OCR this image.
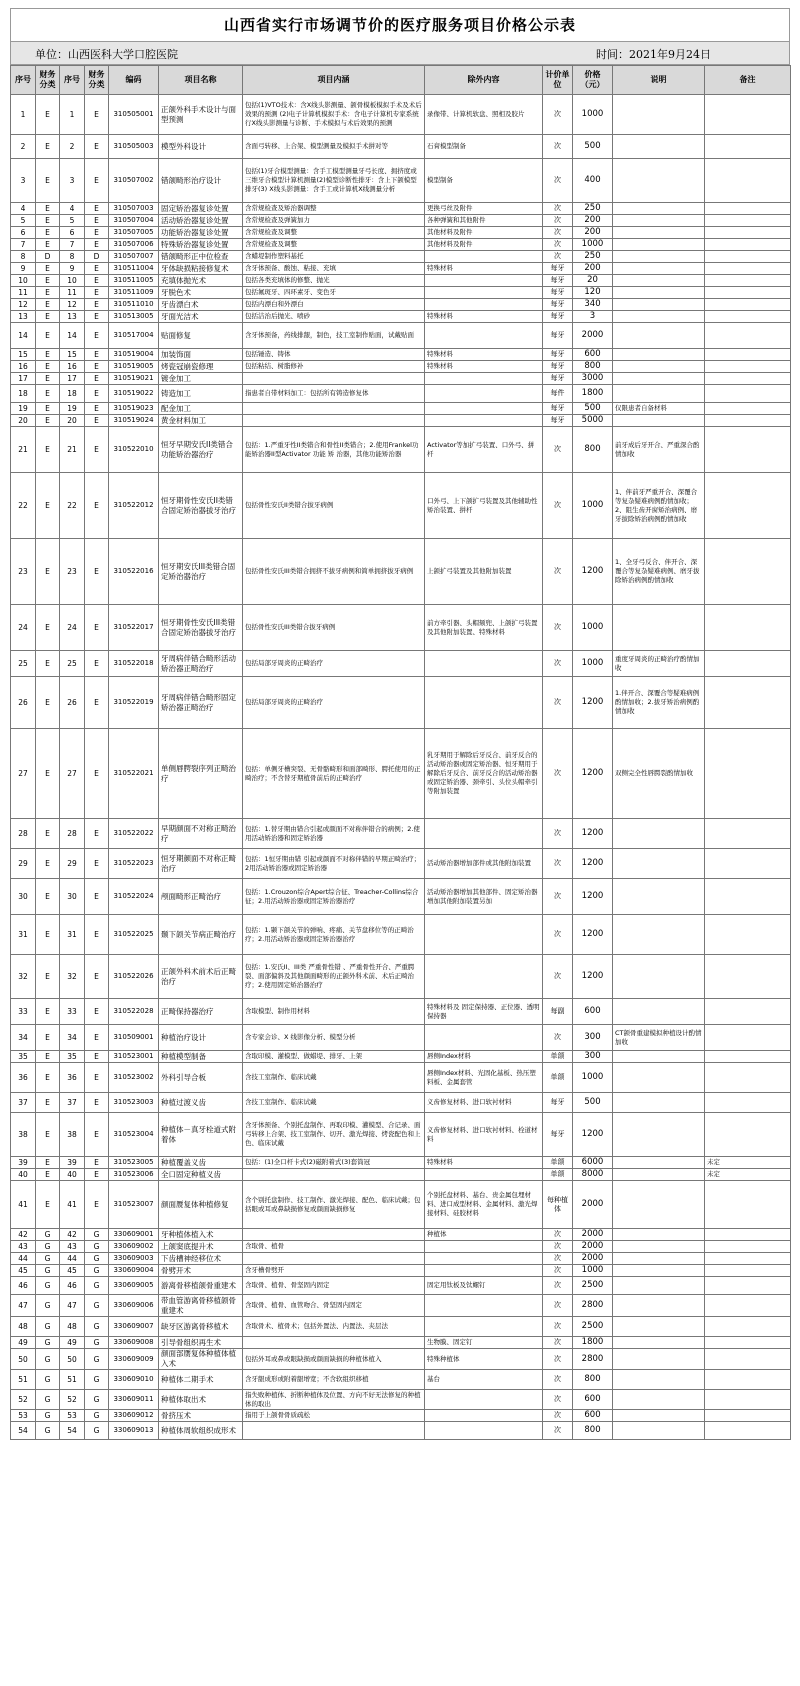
山西省实行市场调节价的医疗服务项目价格公示表
单位：山西医科大学口腔医院	时间：2021年9月24日
序号	财务分类	序号	财务分类	编码	项目名称	项目内涵	除外内容	计价单位	价格（元）	说明	备注
1	E	1	E	310505001	正颌外科手术设计与面型预测	包括(1)VTO技术：含X线头影测量、颌骨模板模拟手术及术后效果的预测 (2)电子计算机模拟手术：含电子计算机专家系统行X线头影测量与诊断、手术模拟与术后效果的预测	录像带、计算机软盘、照相及胶片	次	1000		
2	E	2	E	310505003	模型外科设计	含面弓转移、上合架、模型测量及模拟手术拼对等	石膏模型制备	次	500		
3	E	3	E	310507002	错颌畸形治疗设计	包括(1)牙合模型测量：含手工模型测量牙弓长度、拥挤度或三维牙合模型计算机测量(2)模型诊断性排牙：含上下颌模型排牙(3) X线头影测量：含手工或计算机X线测量分析	模型制备	次	400		
4	E	4	E	310507003	固定矫治器复诊处置	含常规检查及矫治器调整	更换弓丝及附件	次	250		
5	E	5	E	310507004	活动矫治器复诊处置	含常规检查及弹簧加力	各种弹簧和其他附件	次	200		
6	E	6	E	310507005	功能矫治器复诊处置	含常规检查及调整	其他材料及附件	次	200		
7	E	7	E	310507006	特殊矫治器复诊处置	含常规检查及调整	其他材料及附件	次	1000		
8	D	8	D	310507007	错颌畸形正中位检查	含蜡堤制作塑料基托		次	250		
9	E	9	E	310511004	牙体缺损粘接修复术	含牙体预备、酸蚀、粘接、充填	特殊材料	每牙	200		
10	E	10	E	310511005	充填体抛光术	包括各类充填体的修整、抛光		每牙	20		
11	E	11	E	310511009	牙脱色术	包括氟斑牙、四环素牙、变色牙		每牙	120		
12	E	12	E	310511010	牙齿漂白术	包括内漂白和外漂白		每牙	340		
13	E	13	E	310513005	牙面光洁术	包括洁治后抛光、喷砂	特殊材料	每牙	3		
14	E	14	E	310517004	贴面修复	含牙体预备，药线排龈，制色，技工室制作贴面，试戴贴面		每牙	2000		
15	E	15	E	310519004	加装饰面	包括锤造、铸体	特殊材料	每牙	600		
16	E	16	E	310519005	烤瓷冠崩瓷修理	包括粘结、树脂修补	特殊材料	每牙	800		
17	E	17	E	310519021	镀金加工			每牙	3000		
18	E	18	E	310519022	铸造加工	指患者自带材料加工：包括所有铸造修复体		每件	1800		
19	E	19	E	310519023	配金加工			每牙	500	仅限患者自备材料	
20	E	20	E	310519024	黄金材料加工			每牙	5000		
21	E	21	E	310522010	恒牙早期安氏II类错合功能矫治器治疗	包括：1.严重牙性II类错合和骨性II类错合；2.使用Frankel功能矫治器II型Activator 功能 矫 治器，其他功能矫治器	Activator等加扩弓装置、口外弓、拼杆	次	800	前牙成后牙开合、严重深合酌情加收	
22	E	22	E	310522012	恒牙期骨性安氏II类错合固定矫治器拔牙治疗	包括骨性安氏II类错合拔牙病例	口外弓、上下颌扩弓装置及其他辅助性矫治装置、拼杆	次	1000	1、伴前牙严重开合、深覆合等复杂疑难病例酌情加收；2、阻生齿开窗矫治病例、磨牙拔除矫治病例酌情加收	
23	E	23	E	310522016	恒牙期安氏III类错合固定矫治器治疗	包括骨性安氏III类错合拥挤不拔牙病例和简单拥挤拔牙病例	上颌扩弓装置及其他附加装置	次	1200	1、全牙弓反合、伴开合、深覆合等复杂疑难病例、磨牙拔除矫治病例酌情加收	
24	E	24	E	310522017	恒牙期骨性安氏III类错合固定矫治器拔牙治疗	包括骨性安氏III类错合拔牙病例	前方牵引器、头帽颏兜、上颌扩弓装置及其他附加装置、特殊材料	次	1000		
25	E	25	E	310522018	牙周病伴错合畸形活动矫治器正畸治疗	包括局部牙周炎的正畸治疗		次	1000	重度牙周炎的正畸治疗酌情加收	
26	E	26	E	310522019	牙周病伴错合畸形固定矫治器正畸治疗	包括局部牙周炎的正畸治疗		次	1200	1.伴开合、深覆合等疑难病例酌情加收；2.拔牙矫治病例酌情加收	
27	E	27	E	310522021	单侧唇腭裂序列正畸治疗	包括：单侧牙槽突裂、无骨骼畸形和面部畸形、腭托使用的正畸治疗；不含替牙期植骨前后的正畸治疗	乳牙期用于解除后牙反合、前牙反合的活动矫治器或固定矫治器、恒牙期用于解除后牙反合、前牙反合的活动矫治器或固定矫治器、颈牵引、头位头帽牵引等附加装置	次	1200	双侧完全性唇腭裂酌情加收	
28	E	28	E	310522022	早期颜面不对称正畸治疗	包括：1.替牙期由错合引起或颜面不对称伴错合的病例；2.使用活动矫治器和固定矫治器		次	1200		
29	E	29	E	310522023	恒牙期颜面不对称正畸治疗	包括：1恒牙期由错 引起或颜面不对称伴错的早期正畸治疗；2用活动矫治器或固定矫治器	活动矫治器增加部件或其他附加装置	次	1200		
30	E	30	E	310522024	颅面畸形正畸治疗	包括：1.Crouzon综合Apert综合征、Treacher-Collins综合征；2.用活动矫治器或固定矫治器治疗	活动矫治器增加其他部件、固定矫治器增加其他附加装置另加	次	1200		
31	E	31	E	310522025	颞下颌关节病正畸治疗	包括：1.颞下颌关节的弹响、疼痛、关节盘移位等的正畸治疗；2.用活动矫治器或固定矫治器治疗		次	1200		
32	E	32	E	310522026	正颌外科术前术后正畸治疗	包括：1.安氏II、III类 严重骨性错 、严重骨性开合、严重腭裂、面部偏斜及其他颜面畸形的正颌外科术前、术后正畸治疗；2.使用固定矫治器治疗		次	1200		
33	E	33	E	310522028	正畸保持器治疗	含取模型、制作用材料	特殊材料及 固定保持器、正位器、透明保持器	每副	600		
34	E	34	E	310509001	种植治疗设计	含专家会诊、X 线影像分析、模型分析		次	300	CT颌骨重建模拟种植设计酌情加收	
35	E	35	E	310523001	种植模型制备	含取印模、灌模型、做蜡堤、排牙、上架	唇侧Index材料	单颌	300		
36	E	36	E	310523002	外科引导合板	含技工室制作、临床试戴	唇侧Index材料、光固化基板、热压塑料板、金属套管	单颌	1000		
37	E	37	E	310523003	种植过渡义齿	含技工室制作、临床试戴	义齿修复材料、进口软衬材料	每牙	500		
38	E	38	E	310523004	种植体－真牙栓道式附着体	含牙体预备、个别托盘制作、再取印模、灌模型、合记录、面弓转移上合架、技工室制作、切开、激光焊接、烤瓷配色和上色、临床试戴	义齿修复材料、进口软衬材料、栓道材料	每牙	1200		
39	E	39	E	310523005	种植覆盖义齿	包括：(1)全口杆卡式(2)磁附着式(3)套筒冠	特殊材料	单颌	6000		未定
40	E	40	E	310523006	全口固定种植义齿			单颌	8000		未定
41	E	41	E	310523007	颜面赝复体种植修复	含个别托盘制作、技工制作、激光焊接、配色、临床试戴；包括眼或耳或鼻缺损修复或颜面缺损修复	个别托盘材料、基台、贵金属包埋材料、进口成型材料、金属材料、激光焊接材料、硅胶材料	每种植体	2000		
42	G	42	G	330609001	牙种植体植入术		种植体	次	2000		
43	G	43	G	330609002	上颌窦底提升术	含取骨、植骨		次	2000		
44	G	44	G	330609003	下齿槽神经移位术			次	2000		
45	G	45	G	330609004	骨劈开术	含牙槽骨劈开		次	1000		
46	G	46	G	330609005	游离骨移植颌骨重建术	含取骨、植骨、骨坚固内固定	固定用钛板及钛螺钉	次	2500		
47	G	47	G	330609006	带血管游离骨移植颌骨重建术	含取骨、植骨、血管吻合、骨坚固内固定		次	2800		
48	G	48	G	330609007	缺牙区游离骨移植术	含取骨术、植骨术；包括外置法、内置法、夹层法		次	2500		
49	G	49	G	330609008	引导骨组织再生术		生物膜、固定钉	次	1800		
50	G	50	G	330609009	颜面部赝复体种植体植入术	包括外耳或鼻或眼缺损或颜面缺损的种植体植入	特殊种植体	次	2800		
51	G	51	G	330609010	种植体二期手术	含牙龈成形或附着龈增宽；不含软组织移植	基台	次	800		
52	G	52	G	330609011	种植体取出术	指失败种植体、折断种植体及位置、方向不好无法修复的种植体的取出		次	600		
53	G	53	G	330609012	骨挤压术	指用于上颌骨骨质疏松		次	600		
54	G	54	G	330609013	种植体周软组织成形术			次	800		
